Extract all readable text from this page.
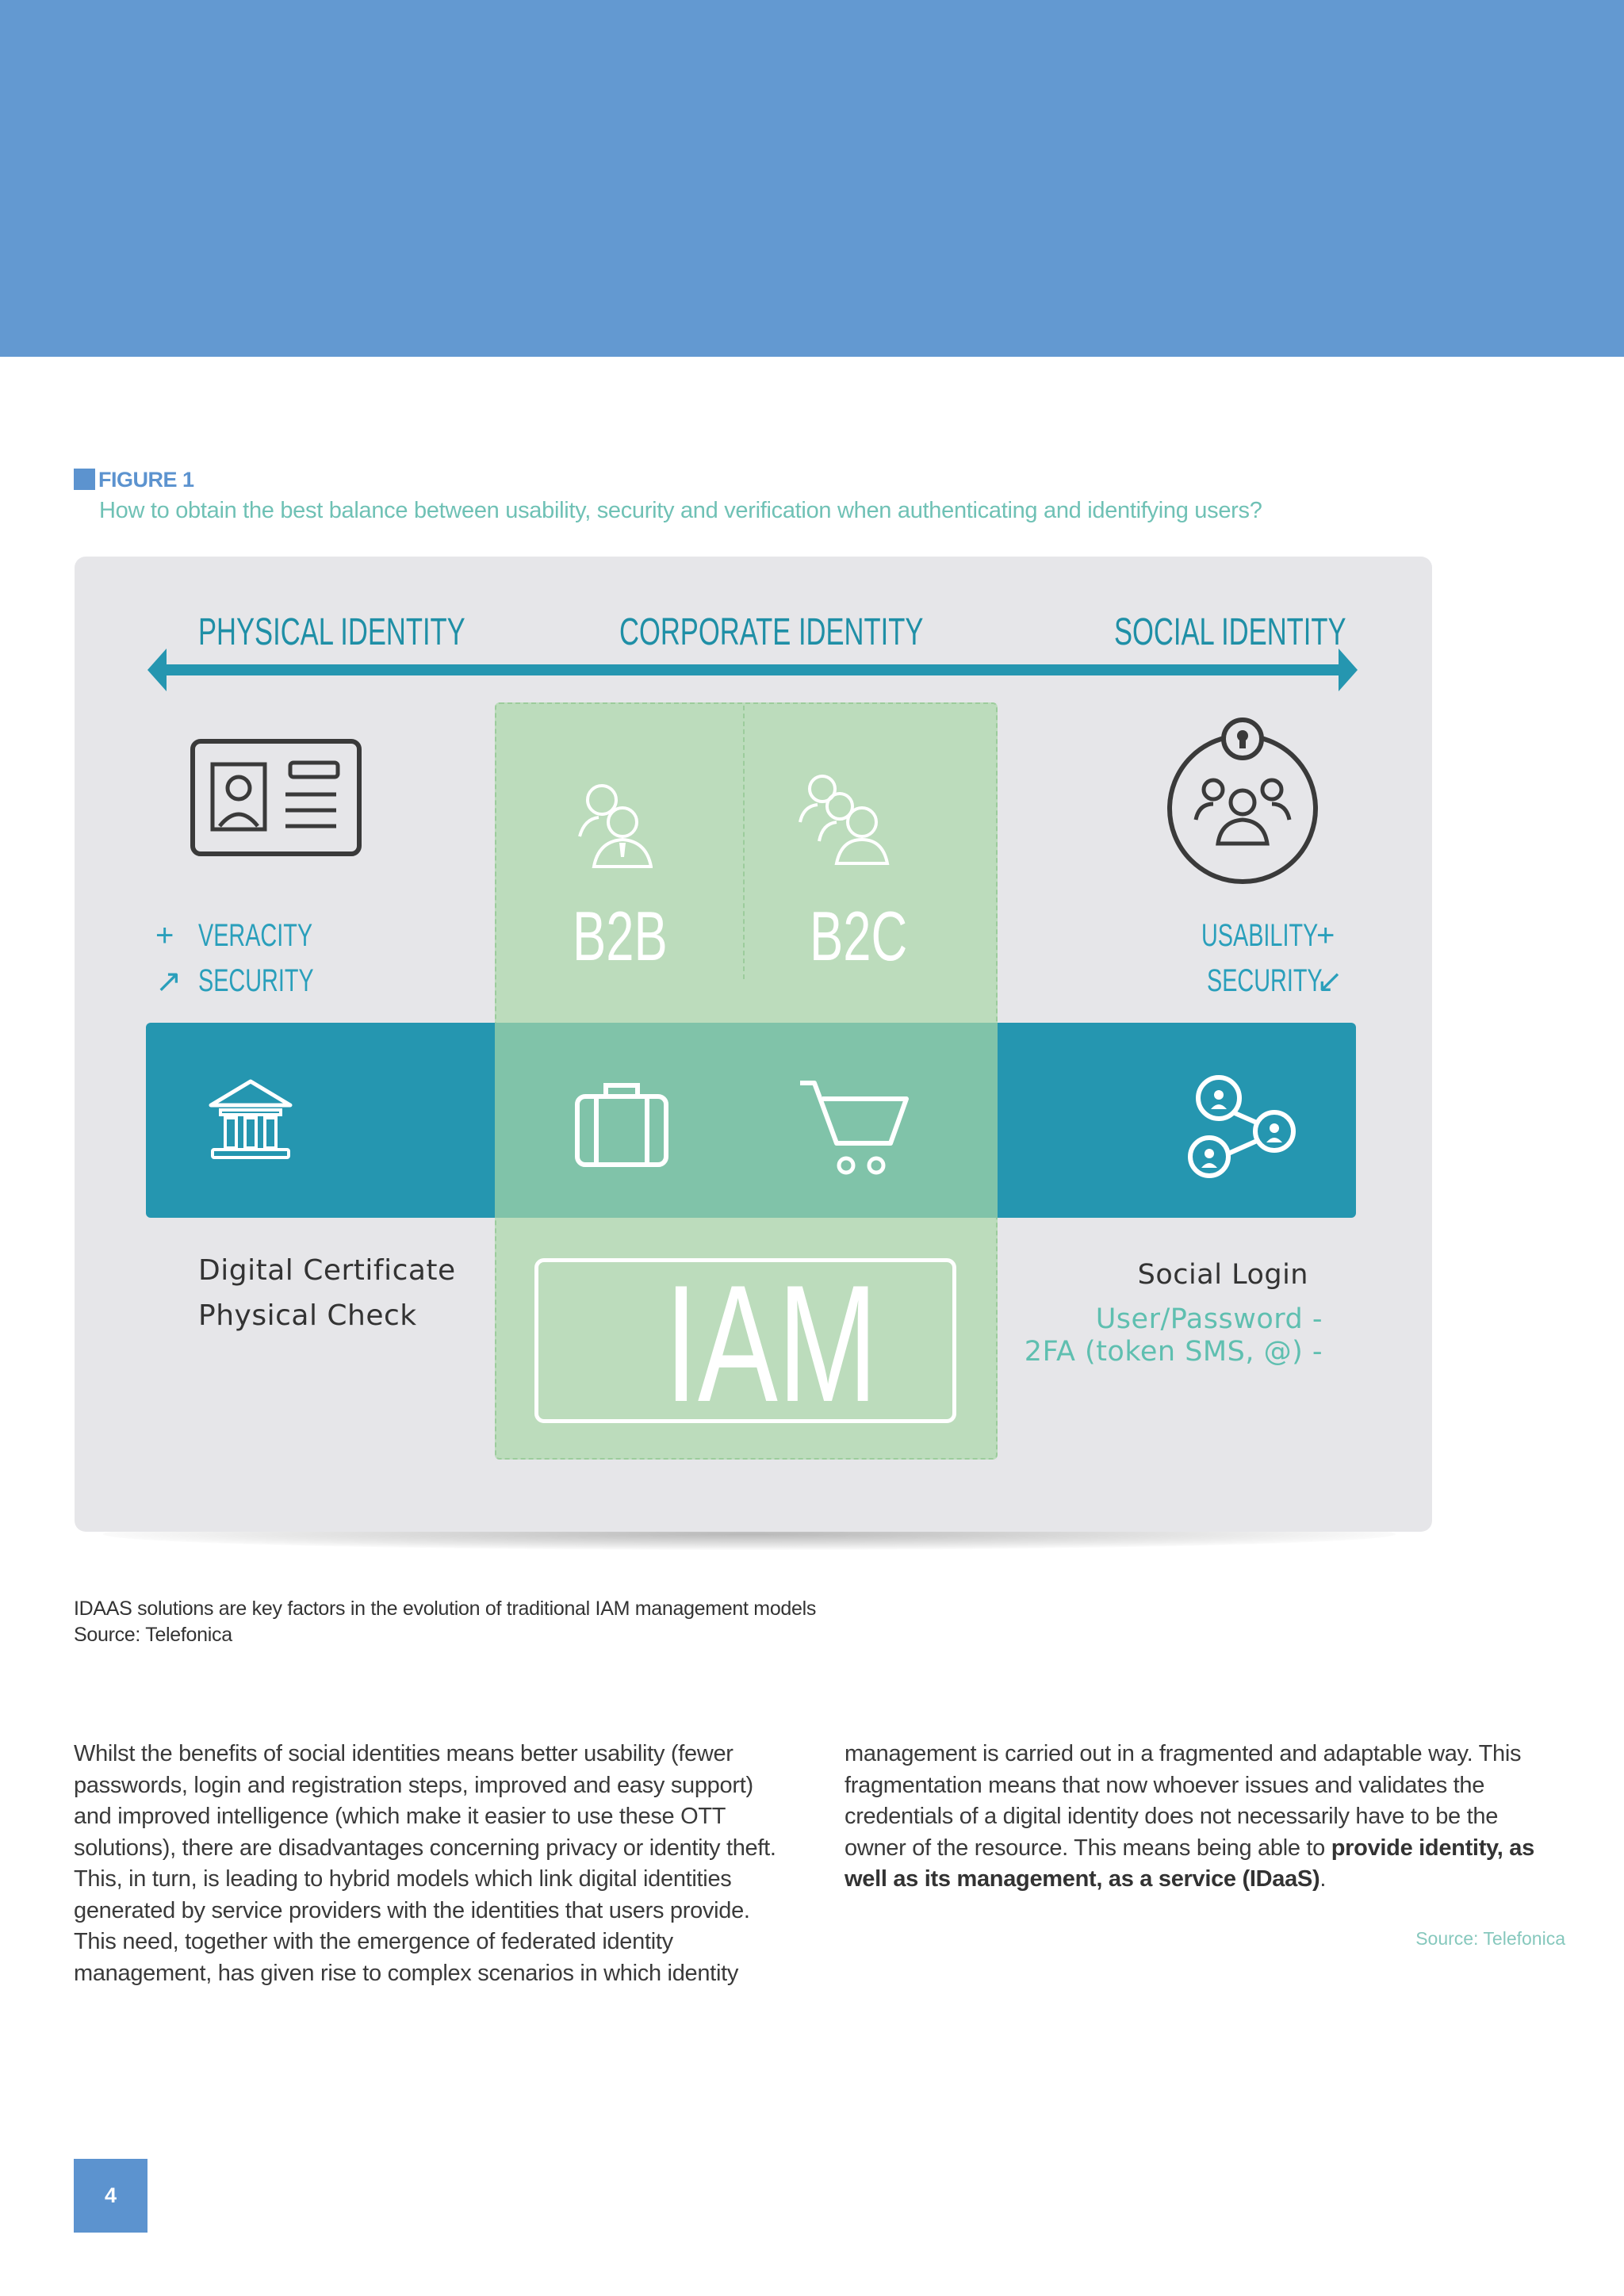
FIGURE 1
How to obtain the best balance between usability, security and verification when authenticating and identifying users?
PHYSICAL IDENTITY	CORPORATE IDENTITY	SOCIAL IDENTITY
B2B B2C
+ VERACITY
↗ SECURITY
USABILITY
+
SECURITY
↙
IAM
Digital Certificate
Physical Check
Social Login
User/Password -
2FA (token SMS, @) -
IDAAS solutions are key factors in the evolution of traditional IAM management models
Source: Telefonica
Whilst the benefits of social identities means better usability (fewer passwords, login and registration steps, improved and easy support) and improved intelligence (which make it easier to use these OTT solutions), there are disadvantages concerning privacy or identity theft. This, in turn, is leading to hybrid models which link digital identities generated by service providers with the identities that users provide. This need, together with the emergence of federated identity management, has given rise to complex scenarios in which identity
management is carried out in a fragmented and adaptable way. This fragmentation means that now whoever issues and validates the credentials of a digital identity does not necessarily have to be the owner of the resource. This means being able to provide identity, as well as its management, as a service (IDaaS).
Source: Telefonica
4
